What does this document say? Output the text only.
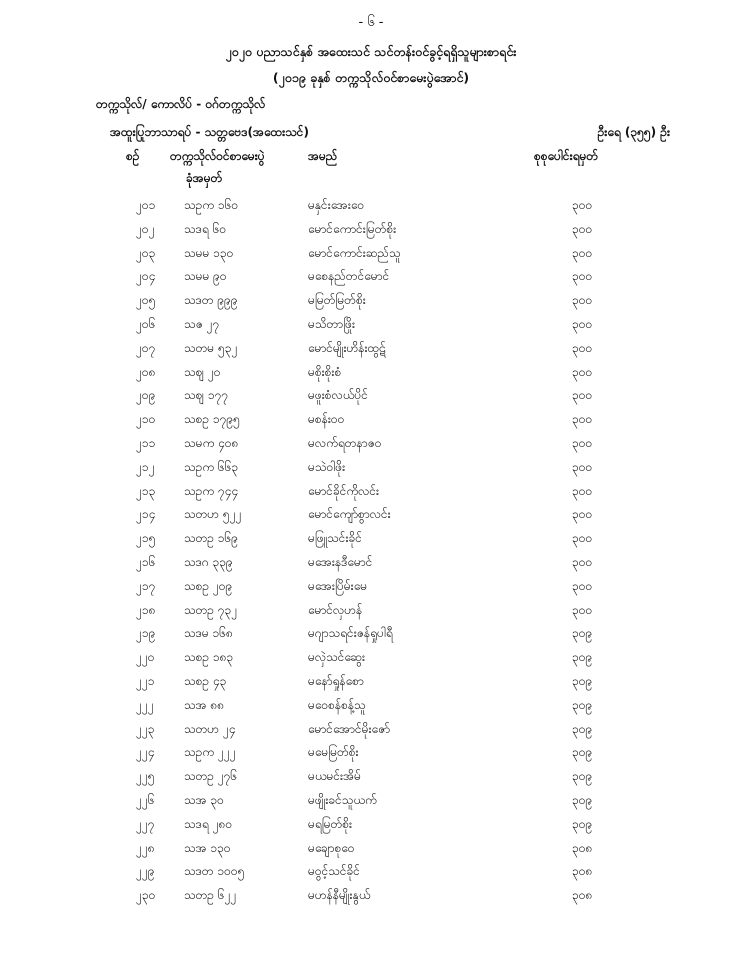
- ၆ -
၂၀၂၀ ပညာသင်နှစ် အထေးသင် သင်တန်းဝင်ခွင့်ရရှိသူများစာရင်း
(၂၀၁၉ ခုနှစ် တက္ကသိုလ်ဝင်စာမေးပွဲအောင်)
တက္ကသိုလ်/ ကောလိပ် - ဝဂ်တက္ကသိုလ်
အထူးပြုဘာသာရပ် - သတ္တဗေဒ(အထေးသင်)	ဦးရေ (၃၅၅) ဦး
စဉ်	တက္ကသိုလ်ဝင်စာမေးပွဲ
ခုံအမှတ်
အမည်	စုစုပေါင်းရမှတ်
၂၀၁ သဥက ၁၆၀	မနှင်းအေးဝေ	၃၀၀
၂၀၂ သဒရ ၆၀	မောင်ကောင်းမြတ်စိုး	၃၀၀
၂၀၃ သမမ ၁၃၀	မောင်ကောင်းဆည်သူ	၃၀၀
၂၀၄ သမမ ၉၀	မစေနည်တင်မောင်	၃၀၀
၂၀၅ သဒတ ၉၉၉	မမြတ်မြတ်စိုး	၃၀၀
၂၀၆ သဇ ၂၇	မသိတာဖြိုး	၃၀၀
၂၀၇ သတမ ၅၃၂	မောင်မျိုးဟိန်းထွဋ်	၃၀၀
၂၀၈ သဈ ၂၀	မစိုးစိုးစံ	၃၀၀
၂၀၉ သဈ ၁၇၇	မဖူးစံလယ်ပိုင်	၃၀၀
၂၁၀ သစဥ ၁၇၉၅	မစန်း၀၀	၃၀၀
၂၁၁ သမက ၄၀၈	မလက်ရတနာဇဝ	၃၀၀
၂၁၂ သဥက ၆၆၃	မသဲဝါဖိုး	၃၀၀
၂၁၃ သဥက ၇၄၄	မောင်ခိုင်ကိုလင်း	၃၀၀
၂၁၄ သတဟ ၅၂၂	မောင်ကျော်စွာလင်း	၃၀၀
၂၁၅ သတဥ ၁၆၉	မဖြူသင်းခိုင်	၃၀၀
၂၁၆ သဒဂ ၃၃၉	မအေးနဒီမောင်	၃၀၀
၂၁၇ သစဥ ၂၀၉	မအေးပြိမ်းမေ	၃၀၀
၂၁၈ သတဥ ၇၃၂	မောင်လှဟန်	၃၀၀
၂၁၉ သဒမ ၁၆၈	မဂျာသရင်းဇန်ရှုပါရီ	၃၀၉
၂၂၀ သစဥ ၁၈၃	မလှဲသင်ဆွေး	၃၀၉
၂၂၁ သစဥ ၄၃	မနော်ရှုန်စော	၃၀၉
၂၂၂	သအ ၈၈	မဝေစန်စန့်သူ	၃၀၉
၂၂၃ သတဟ ၂၄	မောင်အောင်မိုးဇော်	၃၀၉
၂၂၄ သဥက ၂၂၂	မမေမြတ်စိုး	၃၀၉
၂၂၅ သတဥ ၂၇၆	မယမင်းအိမ်	၃၀၉
၂၂၆ သအ ၃၀	မဖျိုးခင်သူယက်	၃၀၉
၂၂၇ သဒရ ၂၈၀	မရမြတ်စိုး	၃၀၉
၂၂၈ သအ ၁၃၀	မချောစုဝေ	၃၀၈
၂၂၉ သဒတ ၁၀၀၅	မဝွင့်သင်ခိုင်	၃၀၈
၂၃၀ သတဥ ၆၂၂	မဟန်နီမျိုးနွယ်	၃၀၈
